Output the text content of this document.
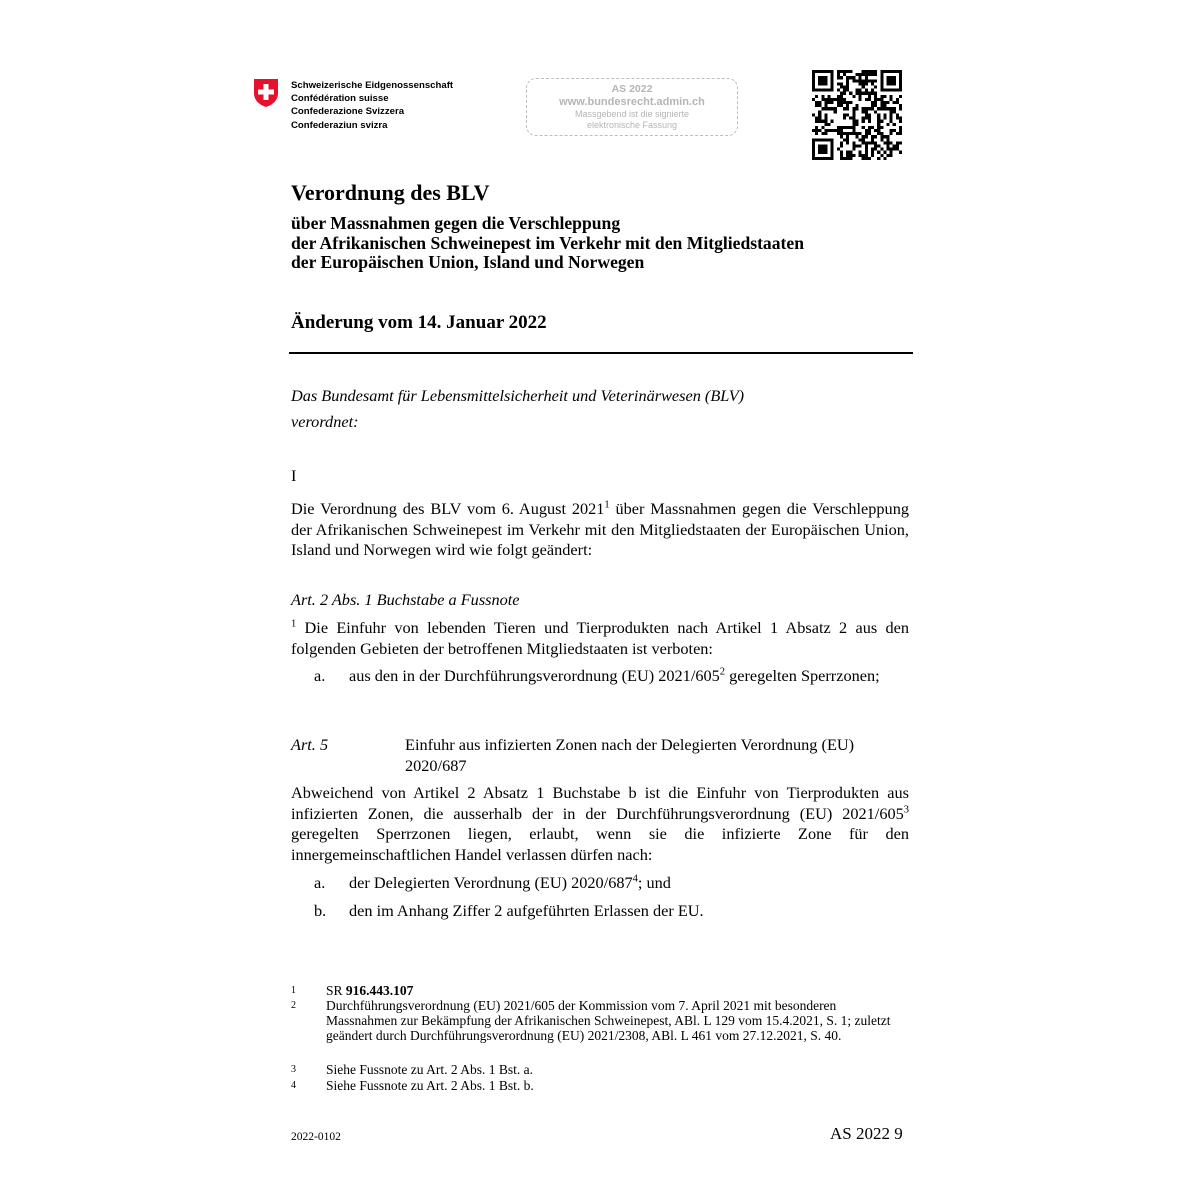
Schweizerische Eidgenossenschaft
Confédération suisse
Confederazione Svizzera
Confederaziun svizra
AS 2022
www.bundesrecht.admin.ch
Massgebend ist die signierte
elektronische Fassung
Verordnung des BLV
über Massnahmen gegen die Verschleppung
der Afrikanischen Schweinepest im Verkehr mit den Mitgliedstaaten
der Europäischen Union, Island und Norwegen
Änderung vom 14. Januar 2022
Das Bundesamt für Lebensmittelsicherheit und Veterinärwesen (BLV)
verordnet:
I
Die Verordnung des BLV vom 6. August 2021$^1$ über Massnahmen gegen die Verschleppung der Afrikanischen Schweinepest im Verkehr mit den Mitgliedstaaten der Europäischen Union, Island und Norwegen wird wie folgt geändert:
Art. 2 Abs. 1 Buchstabe a Fussnote
$^1$ Die Einfuhr von lebenden Tieren und Tierprodukten nach Artikel 1 Absatz 2 aus den folgenden Gebieten der betroffenen Mitgliedstaaten ist verboten:
a. aus den in der Durchführungsverordnung (EU) $2021/605^2$ geregelten Sperrzonen;
Art. 5	Einfuhr aus infizierten Zonen nach der Delegierten Verordnung (EU) 2020/687
Abweichend von Artikel 2 Absatz 1 Buchstabe b ist die Einfuhr von Tierprodukten aus infizierten Zonen, die ausserhalb der in der Durchführungsverordnung (EU) $2021/605^3$ geregelten Sperrzonen liegen, erlaubt, wenn sie die infizierte Zone für den innergemeinschaftlichen Handel verlassen dürfen nach:
a. der Delegierten Verordnung (EU) $2020/687^4$; und
b. den im Anhang Ziffer 2 aufgeführten Erlassen der EU.
1 SR 916.443.107
2 Durchführungsverordnung (EU) 2021/605 der Kommission vom 7. April 2021 mit besonderen Massnahmen zur Bekämpfung der Afrikanischen Schweinepest, ABl. L 129 vom 15.4.2021, S. 1; zuletzt geändert durch Durchführungsverordnung (EU) 2021/2308, ABl. L 461 vom 27.12.2021, S. 40.
3 Siehe Fussnote zu Art. 2 Abs. 1 Bst. a.
4 Siehe Fussnote zu Art. 2 Abs. 1 Bst. b.
2022-0102	AS 2022 9
